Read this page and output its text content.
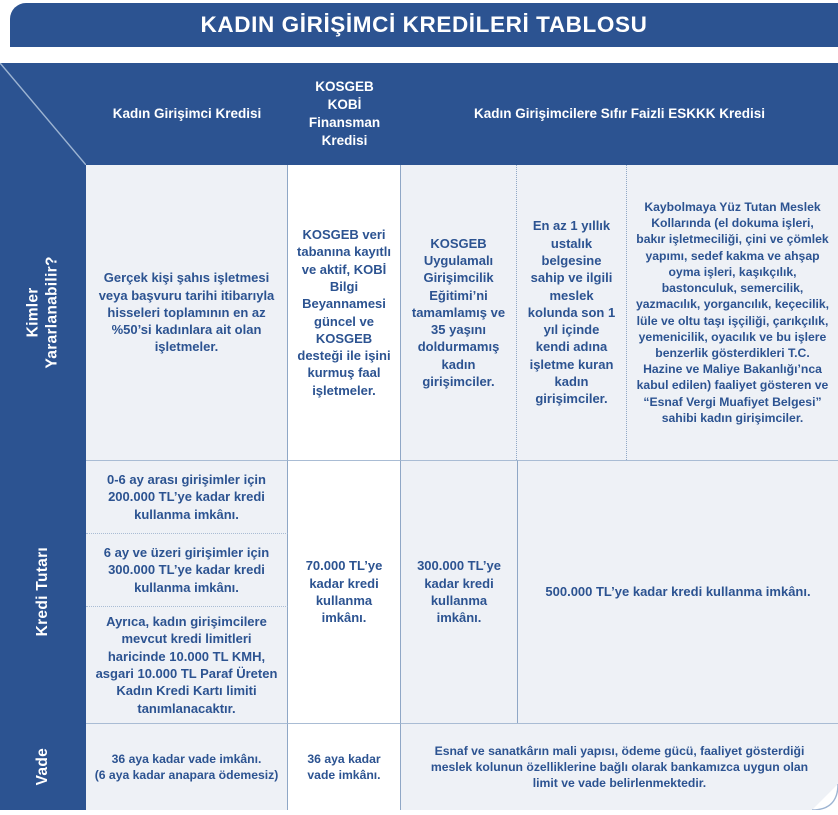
KADIN GİRİŞİMCİ KREDİLERİ TABLOSU
Kadın Girişimci Kredisi
KOSGEB
KOBİ
Finansman
Kredisi
Kadın Girişimcilere Sıfır Faizli ESKKK Kredisi
Kimler Yararlanabilir?	Gerçek kişi şahıs işletmesi veya başvuru tarihi itibarıyla hisseleri toplamının en az %50’si kadınlara ait olan işletmeler.
KOSGEB veri tabanına kayıtlı ve aktif, KOBİ Bilgi Beyannamesi güncel ve KOSGEB desteği ile işini kurmuş faal işletmeler.
KOSGEB Uygulamalı Girişimcilik Eğitimi’ni tamamlamış ve 35 yaşını doldurmamış kadın girişimciler.
En az 1 yıllık ustalık belgesine sahip ve ilgili meslek kolunda son 1 yıl içinde kendi adına işletme kuran kadın girişimciler.
Kaybolmaya Yüz Tutan Meslek Kollarında (el dokuma işleri, bakır işletmeciliği, çini ve çömlek yapımı, sedef kakma ve ahşap oyma işleri, kaşıkçılık, bastonculuk, semercilik, yazmacılık, yorgancılık, keçecilik, lüle ve oltu taşı işçiliği, çarıkçılık, yemenicilik, oyacılık ve bu işlere benzerlik gösterdikleri T.C. Hazine ve Maliye Bakanlığı’nca kabul edilen) faaliyet gösteren ve “Esnaf Vergi Muafiyet Belgesi” sahibi kadın girişimciler.
Kredi Tutarı
0-6 ay arası girişimler için 200.000 TL’ye kadar kredi kullanma imkânı.
6 ay ve üzeri girişimler için 300.000 TL’ye kadar kredi kullanma imkânı.
Ayrıca, kadın girişimcilere mevcut kredi limitleri haricinde 10.000 TL KMH, asgari 10.000 TL Paraf Üreten Kadın Kredi Kartı limiti tanımlanacaktır.
70.000 TL’ye kadar kredi kullanma imkânı.
300.000 TL’ye kadar kredi kullanma imkânı.
500.000 TL’ye kadar kredi kullanma imkânı.
Vade	36 aya kadar vade imkânı.
(6 aya kadar anapara ödemesiz)
36 aya kadar vade imkânı.
Esnaf ve sanatkârın mali yapısı, ödeme gücü, faaliyet gösterdiği meslek kolunun özelliklerine bağlı olarak bankamızca uygun olan limit ve vade belirlenmektedir.
